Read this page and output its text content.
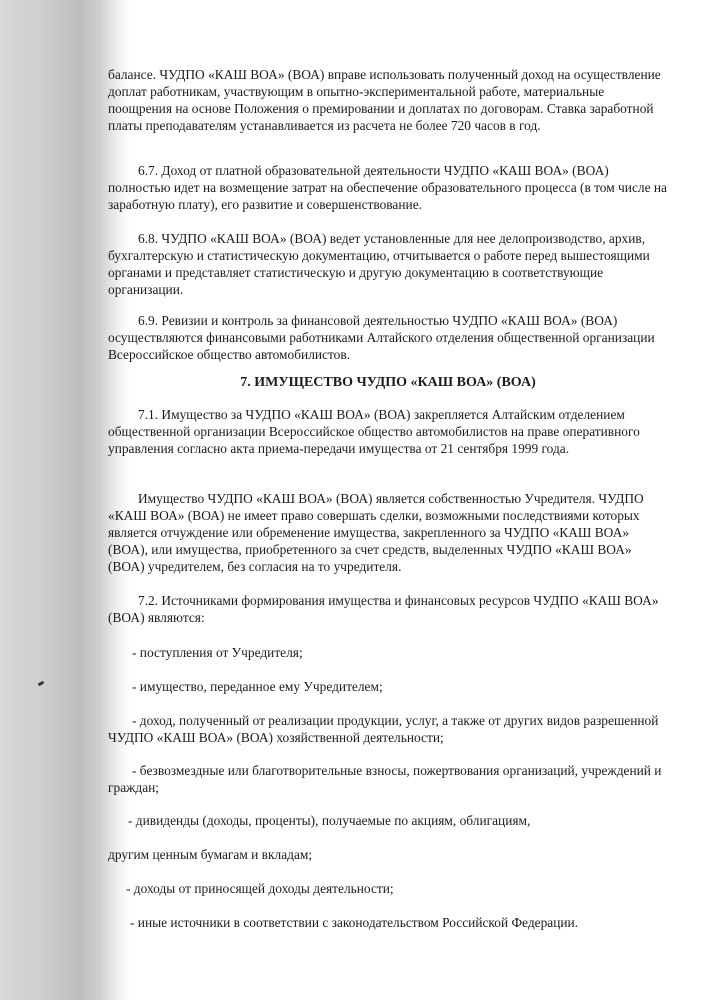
балансе. ЧУДПО «КАШ ВОА» (ВОА) вправе использовать полученный доход на осуществление доплат работникам, участвующим в опытно-экспериментальной работе, материальные поощрения на основе Положения о премировании и доплатах по договорам. Ставка заработной платы преподавателям устанавливается из расчета не более 720 часов в год.

6.7. Доход от платной образовательной деятельности ЧУДПО «КАШ ВОА» (ВОА) полностью идет на возмещение затрат на обеспечение образовательного процесса (в том числе на заработную плату), его развитие и совершенствование.

6.8. ЧУДПО «КАШ ВОА» (ВОА) ведет установленные для нее делопроизводство, архив, бухгалтерскую и статистическую документацию, отчитывается о работе перед вышестоящими органами и представляет статистическую и другую документацию в соответствующие организации.

6.9. Ревизии и контроль за финансовой деятельностью ЧУДПО «КАШ ВОА» (ВОА) осуществляются финансовыми работниками Алтайского отделения общественной организации Всероссийское общество автомобилистов.

7. ИМУЩЕСТВО ЧУДПО «КАШ ВОА» (ВОА)

7.1. Имущество за ЧУДПО «КАШ ВОА» (ВОА) закрепляется Алтайским отделением общественной организации Всероссийское общество автомобилистов на праве оперативного управления согласно акта приема-передачи имущества от 21 сентября 1999 года.

Имущество ЧУДПО «КАШ ВОА» (ВОА) является собственностью Учредителя. ЧУДПО «КАШ ВОА» (ВОА) не имеет право совершать сделки, возможными последствиями которых является отчуждение или обременение имущества, закрепленного за ЧУДПО «КАШ ВОА» (ВОА), или имущества, приобретенного за счет средств, выделенных ЧУДПО «КАШ ВОА» (ВОА) учредителем, без согласия на то учредителя.

7.2. Источниками формирования имущества и финансовых ресурсов ЧУДПО «КАШ ВОА» (ВОА) являются:

- поступления от Учредителя;

- имущество, переданное ему Учредителем;

- доход, полученный от реализации продукции, услуг, а также от других видов разрешенной ЧУДПО «КАШ ВОА» (ВОА) хозяйственной деятельности;

- безвозмездные или благотворительные взносы, пожертвования организаций, учреждений и граждан;

- дивиденды (доходы, проценты), получаемые по акциям, облигациям,

другим ценным бумагам и вкладам;

- доходы от приносящей доходы деятельности;

- иные источники в соответствии с законодательством Российской Федерации.
